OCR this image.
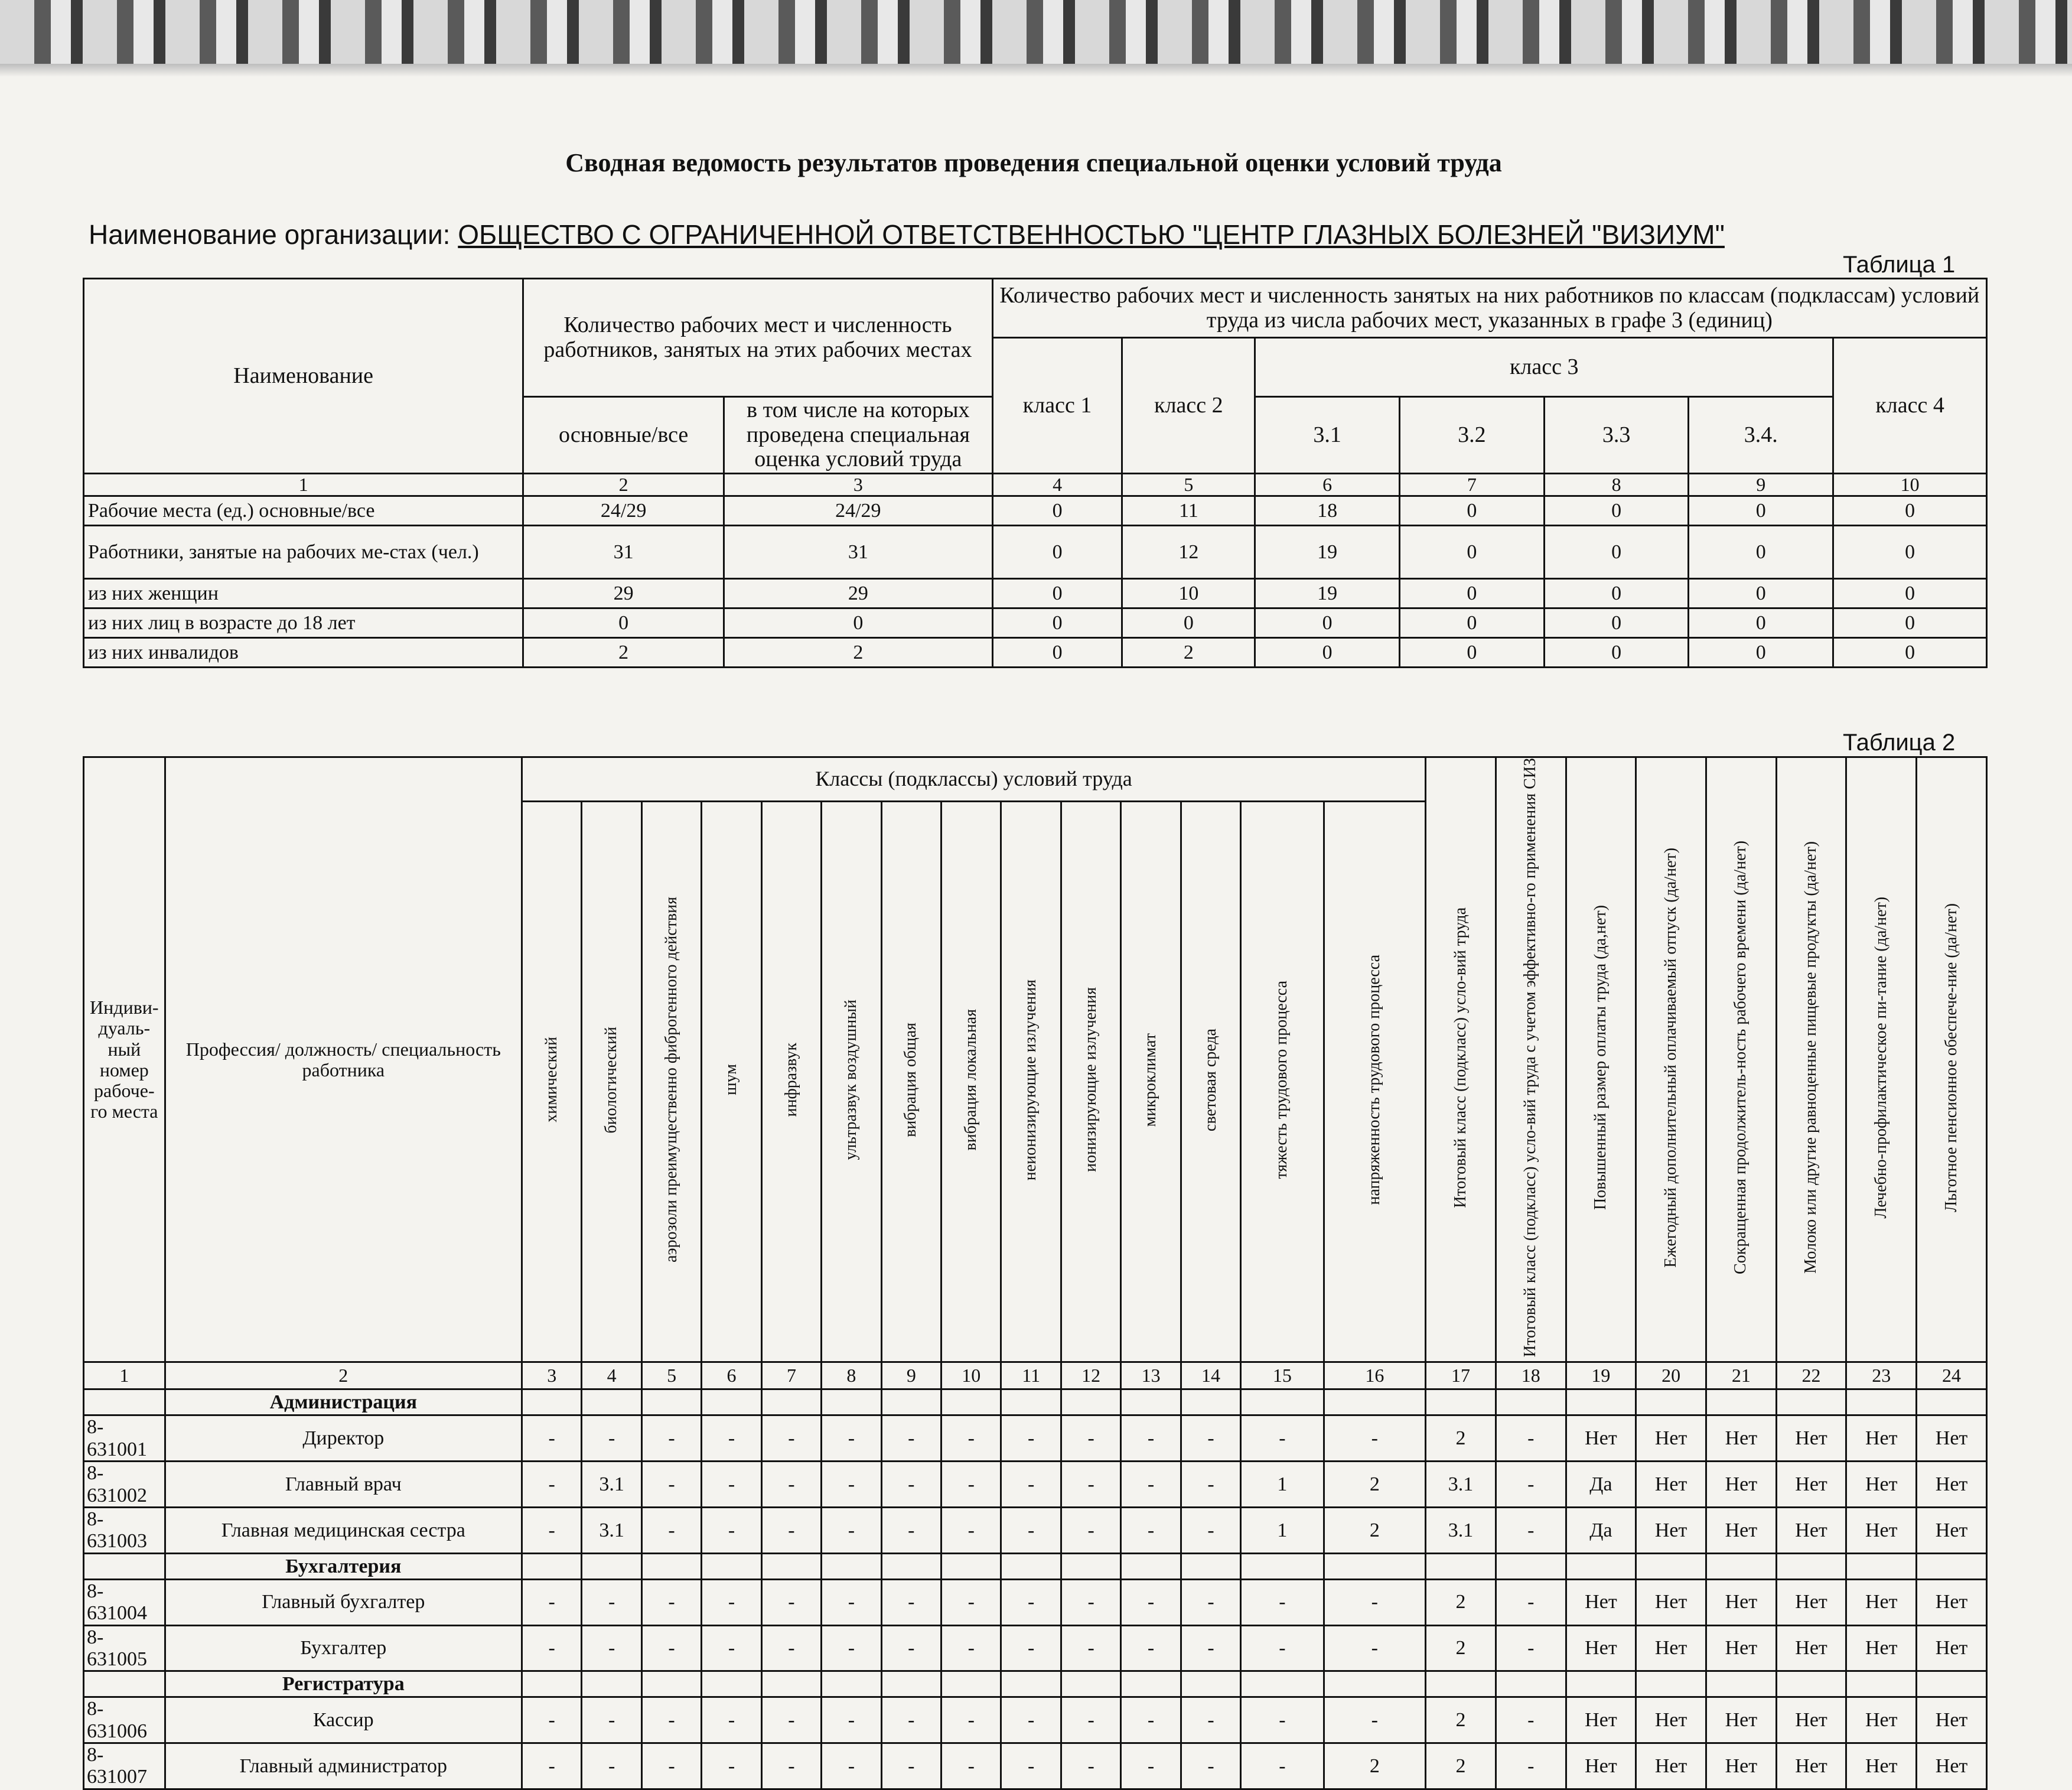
Сводная ведомость результатов проведения специальной оценки условий труда
Наименование организации: ОБЩЕСТВО С ОГРАНИЧЕННОЙ ОТВЕТСТВЕННОСТЬЮ "ЦЕНТР ГЛАЗНЫХ БОЛЕЗНЕЙ "ВИЗИУМ"
Таблица 1
Наименование	Количество рабочих мест и численность работников, занятых на этих рабочих местах		Количество рабочих мест и численность занятых на них работников по классам (подклассам) условий труда из числа рабочих мест, указанных в графе 3 (единиц)						
			класс 1	класс 2	класс 3				класс 4
	основные/все	в том числе на которых проведена специальная оценка условий труда			3.1	3.2	3.3	3.4.	
1	2	3	4	5	6	7	8	9	10
Рабочие места (ед.) основные/все	24/29	24/29	0	11	18	0	0	0	0
Работники, занятые на рабочих ме-стах (чел.)	31	31	0	12	19	0	0	0	0
из них женщин	29	29	0	10	19	0	0	0	0
из них лиц в возрасте до 18 лет	0	0	0	0	0	0	0	0	0
из них инвалидов	2	2	0	2	0	0	0	0	0
Таблица 2
Индиви-дуаль-ный номер рабоче-го места	Профессия/ должность/ специальность работника	Классы (подклассы) условий труда														Итоговый класс (подкласс) усло-вий труда	Итоговый класс (подкласс) усло-вий труда с учетом эффективно-го применения СИЗ	Повышенный размер оплаты труда (да,нет)	Ежегодный дополнительный оплачиваемый отпуск (да/нет)	Сокращенная продолжитель-ность рабочего времени (да/нет)	Молоко или другие равноценные пищевые продукты (да/нет)	Лечебно-профилактическое пи-тание (да/нет)	Льготное пенсионное обеспече-ние (да/нет)
		химический	биологический	аэрозоли преимущественно фиброгенного действия	шум	инфразвук	ультразвук воздушный	вибрация общая	вибрация локальная	неионизирующие излучения	ионизирующие излучения	микроклимат	световая среда	тяжесть трудового процесса	напряженность трудового процесса								
1	2	3	4	5	6	7	8	9	10	11	12	13	14	15	16	17	18	19	20	21	22	23	24
	Администрация																						
8-631001	Директор	-	-	-	-	-	-	-	-	-	-	-	-	-	-	2	-	Нет	Нет	Нет	Нет	Нет	Нет
8-631002	Главный врач	-	3.1	-	-	-	-	-	-	-	-	-	-	1	2	3.1	-	Да	Нет	Нет	Нет	Нет	Нет
8-631003	Главная медицинская сестра	-	3.1	-	-	-	-	-	-	-	-	-	-	1	2	3.1	-	Да	Нет	Нет	Нет	Нет	Нет
	Бухгалтерия																						
8-631004	Главный бухгалтер	-	-	-	-	-	-	-	-	-	-	-	-	-	-	2	-	Нет	Нет	Нет	Нет	Нет	Нет
8-631005	Бухгалтер	-	-	-	-	-	-	-	-	-	-	-	-	-	-	2	-	Нет	Нет	Нет	Нет	Нет	Нет
	Регистратура																						
8-631006	Кассир	-	-	-	-	-	-	-	-	-	-	-	-	-	-	2	-	Нет	Нет	Нет	Нет	Нет	Нет
8-631007	Главный администратор	-	-	-	-	-	-	-	-	-	-	-	-	-	2	2	-	Нет	Нет	Нет	Нет	Нет	Нет
